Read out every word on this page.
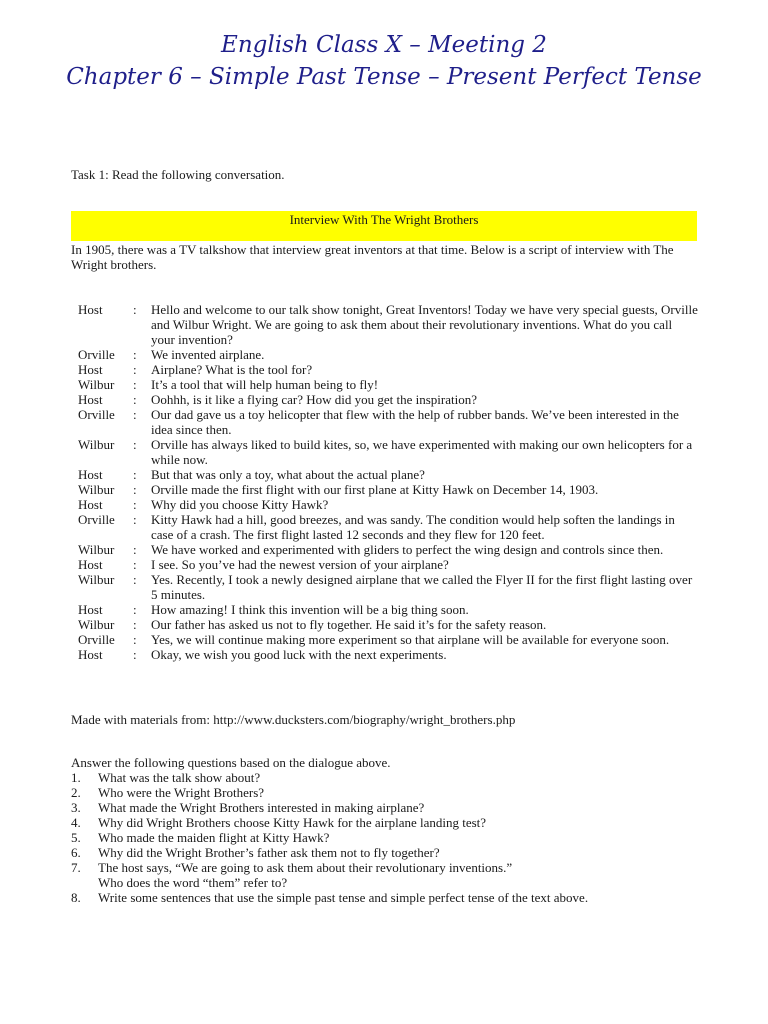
English Class X – Meeting 2
Chapter 6 – Simple Past Tense – Present Perfect Tense
Task 1: Read the following conversation.
Interview With The Wright Brothers
In 1905, there was a TV talkshow that interview great inventors at that time. Below is a script of interview with The Wright brothers.
Host	:	Hello and welcome to our talk show tonight, Great Inventors! Today we have very special guests, Orville and Wilbur Wright. We are going to ask them about their revolutionary inventions. What do you call your invention?
Orville	:	We invented airplane.
Host	:	Airplane? What is the tool for?
Wilbur	:	It’s a tool that will help human being to fly!
Host	:	Oohhh, is it like a flying car? How did you get the inspiration?
Orville	:	Our dad gave us a toy helicopter that flew with the help of rubber bands. We’ve been interested in the idea since then.
Wilbur	:	Orville has always liked to build kites, so, we have experimented with making our own helicopters for a while now.
Host	:	But that was only a toy, what about the actual plane?
Wilbur	:	Orville made the first flight with our first plane at Kitty Hawk on December 14, 1903.
Host	:	Why did you choose Kitty Hawk?
Orville	:	Kitty Hawk had a hill, good breezes, and was sandy. The condition would help soften the landings in case of a crash. The first flight lasted 12 seconds and they flew for 120 feet.
Wilbur	:	We have worked and experimented with gliders to perfect the wing design and controls since then.
Host	:	I see. So you’ve had the newest version of your airplane?
Wilbur	:	Yes. Recently, I took a newly designed airplane that we called the Flyer II for the first flight lasting over 5 minutes.
Host	:	How amazing! I think this invention will be a big thing soon.
Wilbur	:	Our father has asked us not to fly together. He said it’s for the safety reason.
Orville	:	Yes, we will continue making more experiment so that airplane will be available for everyone soon.
Host	:	Okay, we wish you good luck with the next experiments.
Made with materials from: http://www.ducksters.com/biography/wright_brothers.php
Answer the following questions based on the dialogue above.
1.	What was the talk show about?
2.	Who were the Wright Brothers?
3.	What made the Wright Brothers interested in making airplane?
4.	Why did Wright Brothers choose Kitty Hawk for the airplane landing test?
5.	Who made the maiden flight at Kitty Hawk?
6.	Why did the Wright Brother’s father ask them not to fly together?
7.	The host says, “We are going to ask them about their revolutionary inventions.”
Who does the word “them” refer to?
8.	Write some sentences that use the simple past tense and simple perfect tense of the text above.
